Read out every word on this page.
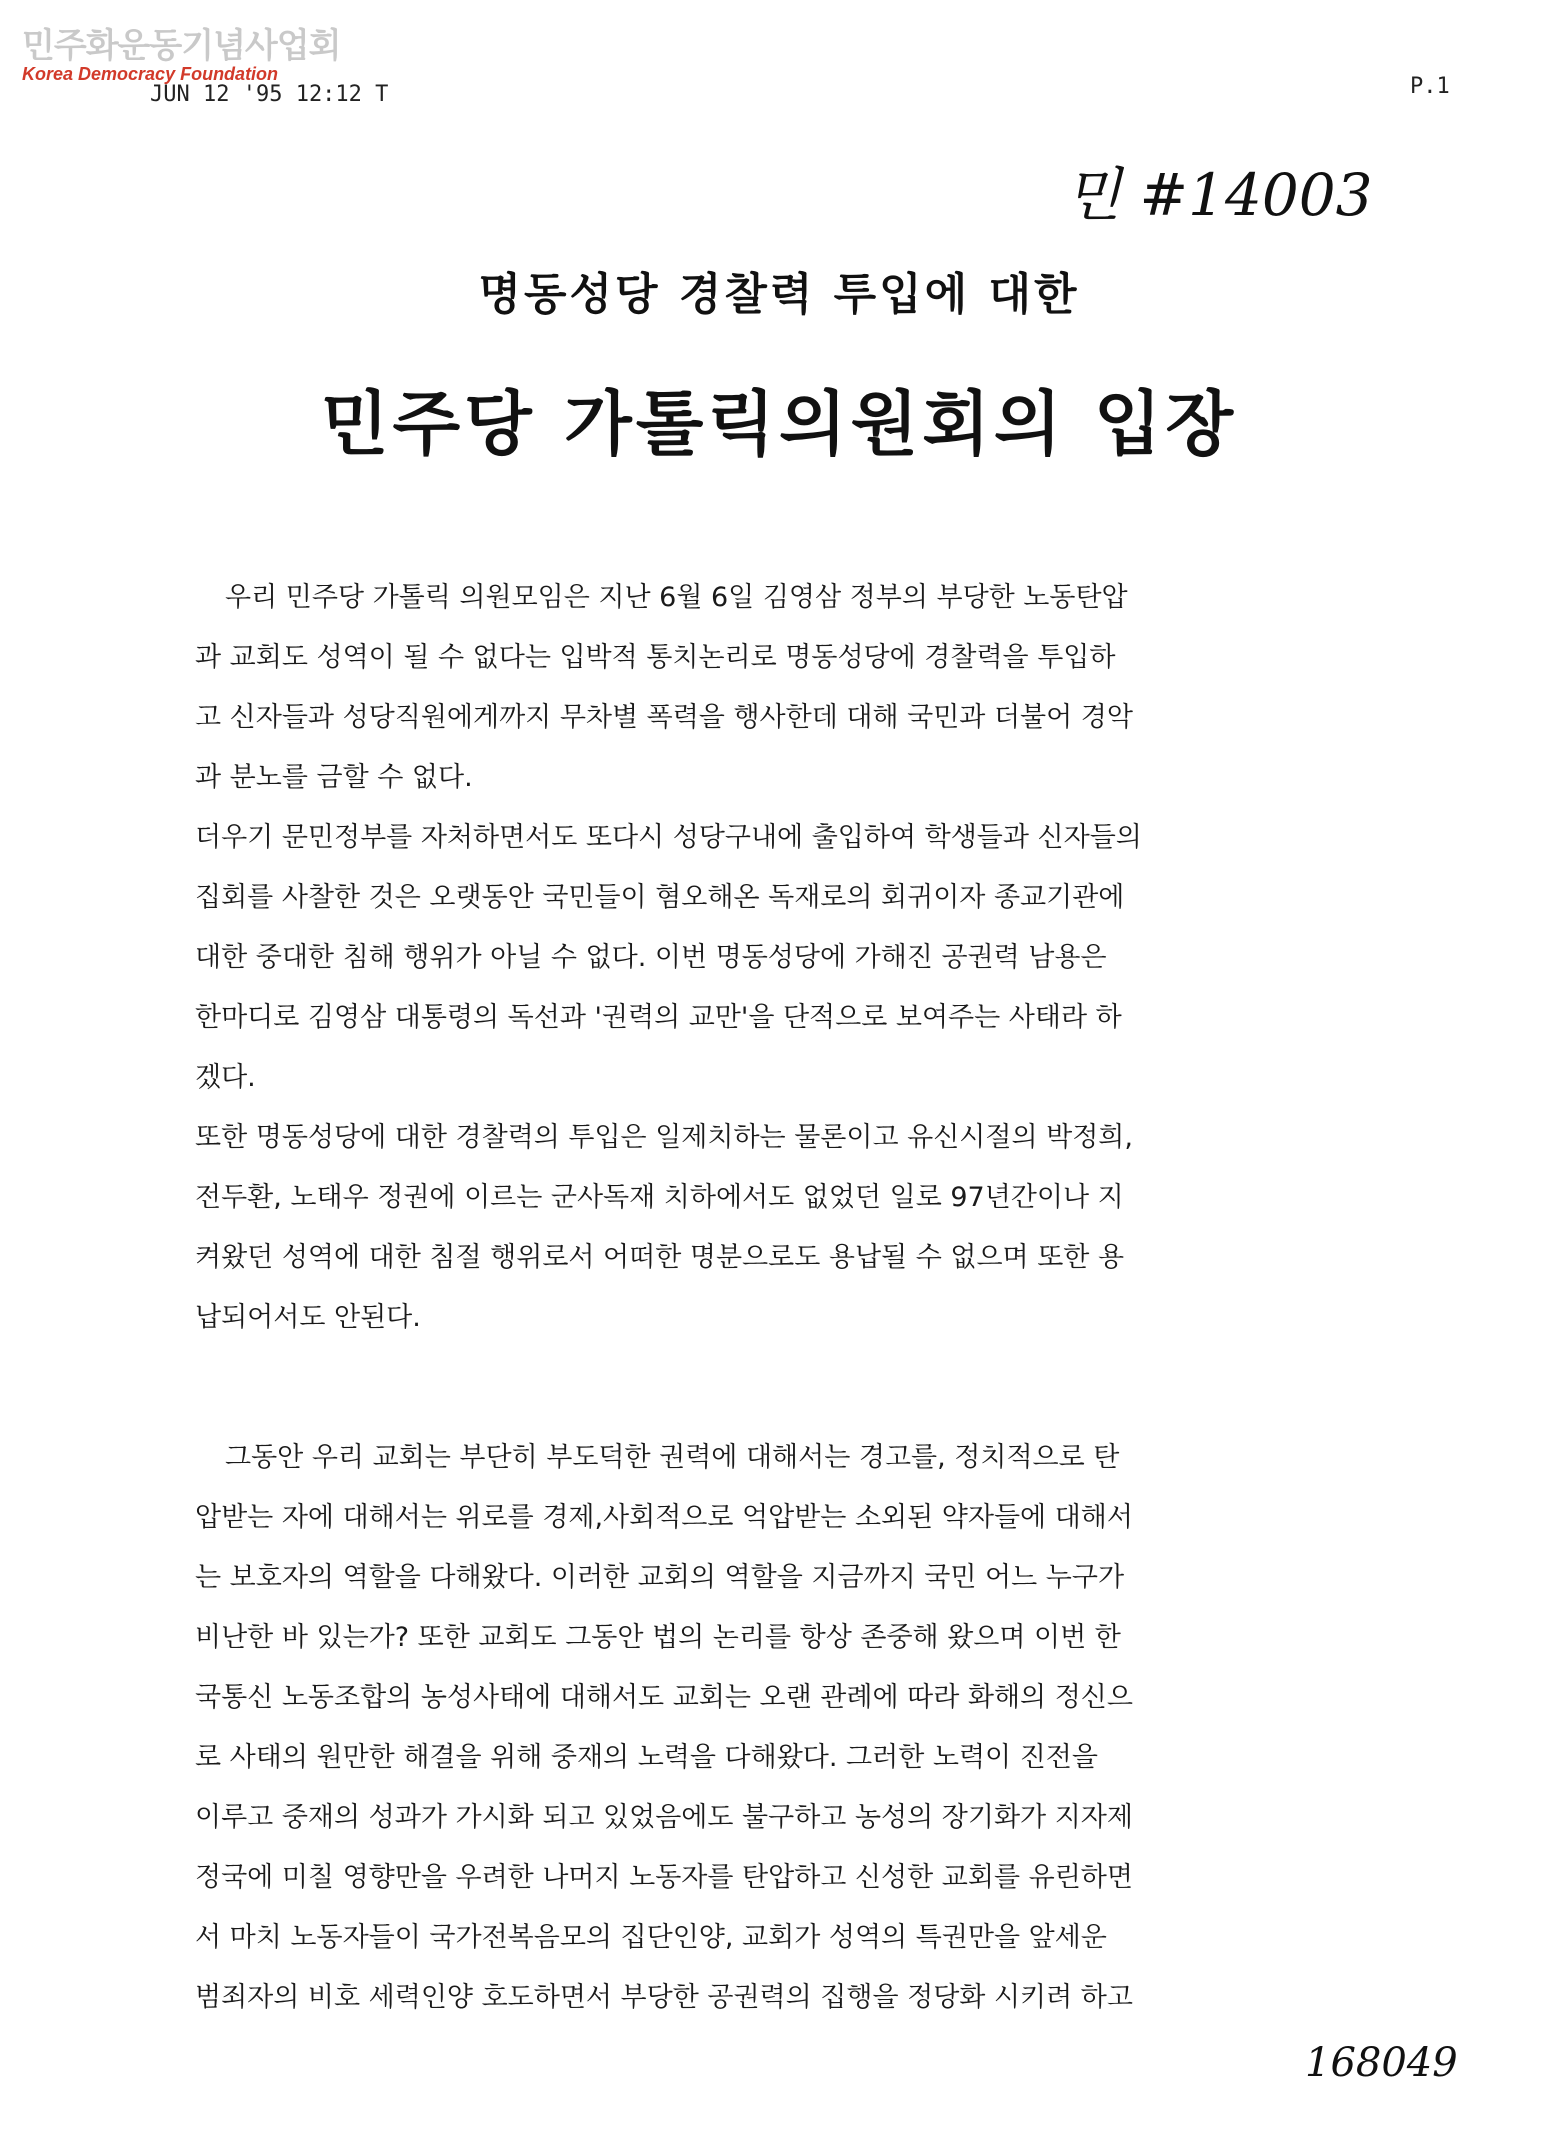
민주화운동기념사업회
Korea Democracy Foundation
JUN 12 '95 12:12 T	P.1
민 #14003
명동성당 경찰력 투입에 대한
민주당 가톨릭의원회의 입장
우리 민주당 가톨릭 의원모임은 지난 6월 6일 김영삼 정부의 부당한 노동탄압
과 교회도 성역이 될 수 없다는 입박적 통치논리로 명동성당에 경찰력을 투입하
고 신자들과 성당직원에게까지 무차별 폭력을 행사한데 대해 국민과 더불어 경악
과 분노를 금할 수 없다.
더우기 문민정부를 자처하면서도 또다시 성당구내에 출입하여 학생들과 신자들의
집회를 사찰한 것은 오랫동안 국민들이 혐오해온 독재로의 회귀이자 종교기관에
대한 중대한 침해 행위가 아닐 수 없다. 이번 명동성당에 가해진 공권력 남용은
한마디로 김영삼 대통령의 독선과 '권력의 교만'을 단적으로 보여주는 사태라 하
겠다.
또한 명동성당에 대한 경찰력의 투입은 일제치하는 물론이고 유신시절의 박정희,
전두환, 노태우 정권에 이르는 군사독재 치하에서도 없었던 일로 97년간이나 지
켜왔던 성역에 대한 침절 행위로서 어떠한 명분으로도 용납될 수 없으며 또한 용
납되어서도 안된다.
그동안 우리 교회는 부단히 부도덕한 권력에 대해서는 경고를, 정치적으로 탄
압받는 자에 대해서는 위로를 경제,사회적으로 억압받는 소외된 약자들에 대해서
는 보호자의 역할을 다해왔다. 이러한 교회의 역할을 지금까지 국민 어느 누구가
비난한 바 있는가? 또한 교회도 그동안 법의 논리를 항상 존중해 왔으며 이번 한
국통신 노동조합의 농성사태에 대해서도 교회는 오랜 관례에 따라 화해의 정신으
로 사태의 원만한 해결을 위해 중재의 노력을 다해왔다. 그러한 노력이 진전을
이루고 중재의 성과가 가시화 되고 있었음에도 불구하고 농성의 장기화가 지자제
정국에 미칠 영향만을 우려한 나머지 노동자를 탄압하고 신성한 교회를 유린하면
서 마치 노동자들이 국가전복음모의 집단인양, 교회가 성역의 특권만을 앞세운
범죄자의 비호 세력인양 호도하면서 부당한 공권력의 집행을 정당화 시키려 하고
168049
